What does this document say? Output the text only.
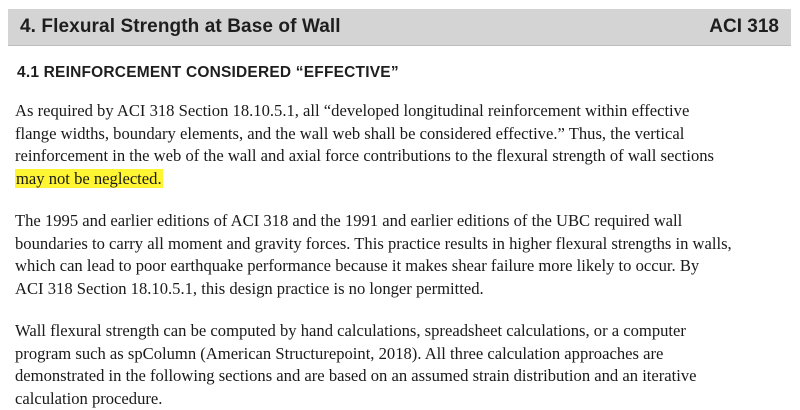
4. Flexural Strength at Base of Wall	ACI 318
4.1 REINFORCEMENT CONSIDERED “EFFECTIVE”
As required by ACI 318 Section 18.10.5.1, all “developed longitudinal reinforcement within effective
flange widths, boundary elements, and the wall web shall be considered effective.” Thus, the vertical
reinforcement in the web of the wall and axial force contributions to the flexural strength of wall sections
may not be neglected.
The 1995 and earlier editions of ACI 318 and the 1991 and earlier editions of the UBC required wall
boundaries to carry all moment and gravity forces. This practice results in higher flexural strengths in walls,
which can lead to poor earthquake performance because it makes shear failure more likely to occur. By
ACI 318 Section 18.10.5.1, this design practice is no longer permitted.
Wall flexural strength can be computed by hand calculations, spreadsheet calculations, or a computer
program such as spColumn (American Structurepoint, 2018). All three calculation approaches are
demonstrated in the following sections and are based on an assumed strain distribution and an iterative
calculation procedure.
